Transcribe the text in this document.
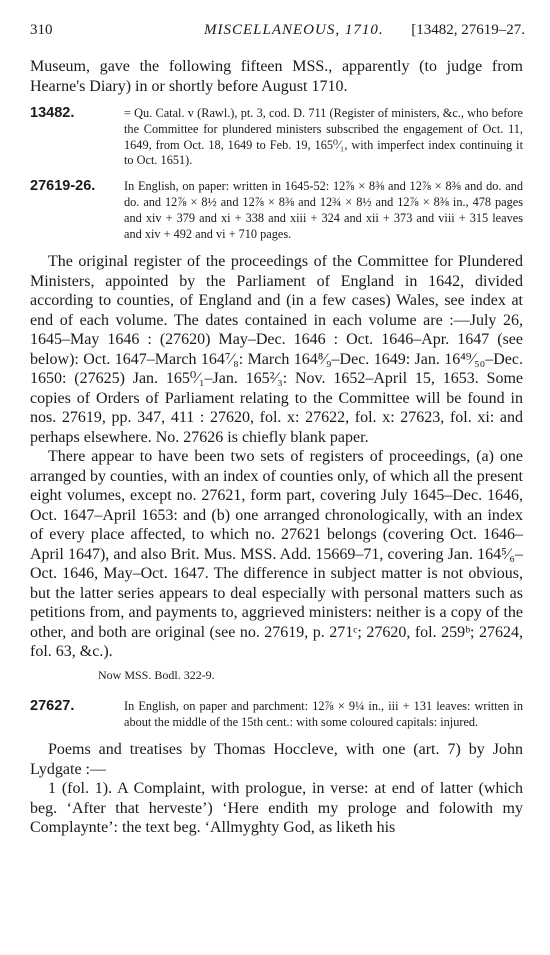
310	MISCELLANEOUS, 1710. [13482, 27619–27.

Museum, gave the following fifteen MSS., apparently (to judge from Hearne's Diary) in or shortly before August 1710.

13482.	= Qu. Catal. v (Rawl.), pt. 3, cod. D. 711 (Register of ministers, &c., who before the Committee for plundered ministers subscribed the engagement of Oct. 11, 1649, from Oct. 18, 1649 to Feb. 19, 165⁰⁄₁, with imperfect index continuing it to Oct. 1651).

27619-26. In English, on paper: written in 1645-52: 12⅞ × 8⅜ and 12⅞ × 8⅜ and do. and do. and 12⅞ × 8½ and 12⅞ × 8⅜ and 12¾ × 8½ and 12⅞ × 8⅜ in., 478 pages and xiv + 379 and xi + 338 and xiii + 324 and xii + 373 and viii + 315 leaves and xiv + 492 and vi + 710 pages.

The original register of the proceedings of the Committee for Plundered Ministers, appointed by the Parliament of England in 1642, divided according to counties, of England and (in a few cases) Wales, see index at end of each volume. The dates contained in each volume are :—July 26, 1645–May 1646 : (27620) May–Dec. 1646 : Oct. 1646–Apr. 1647 (see below): Oct. 1647–March 164⁷⁄₈: March 164⁸⁄₉–Dec. 1649: Jan. 16⁴⁹⁄₅₀–Dec. 1650: (27625) Jan. 165⁰⁄₁–Jan. 165²⁄₃: Nov. 1652–April 15, 1653. Some copies of Orders of Parliament relating to the Committee will be found in nos. 27619, pp. 347, 411 : 27620, fol. x: 27622, fol. x: 27623, fol. xi: and perhaps elsewhere. No. 27626 is chiefly blank paper.

There appear to have been two sets of registers of proceedings, (a) one arranged by counties, with an index of counties only, of which all the present eight volumes, except no. 27621, form part, covering July 1645–Dec. 1646, Oct. 1647–April 1653: and (b) one arranged chronologically, with an index of every place affected, to which no. 27621 belongs (covering Oct. 1646–April 1647), and also Brit. Mus. MSS. Add. 15669–71, covering Jan. 164⁵⁄₆–Oct. 1646, May–Oct. 1647. The difference in subject matter is not obvious, but the latter series appears to deal especially with personal matters such as petitions from, and payments to, aggrieved ministers: neither is a copy of the other, and both are original (see no. 27619, p. 271ᶜ; 27620, fol. 259ᵇ; 27624, fol. 63, &c.).

Now MSS. Bodl. 322-9.

27627.	In English, on paper and parchment: 12⅞ × 9¼ in., iii + 131 leaves: written in about the middle of the 15th cent.: with some coloured capitals: injured.

Poems and treatises by Thomas Hoccleve, with one (art. 7) by John Lydgate :—

1 (fol. 1). A Complaint, with prologue, in verse: at end of latter (which beg. ‘After that herveste’) ‘Here endith my prologe and folowith my Complaynte’: the text beg. ‘Allmyghty God, as liketh his
